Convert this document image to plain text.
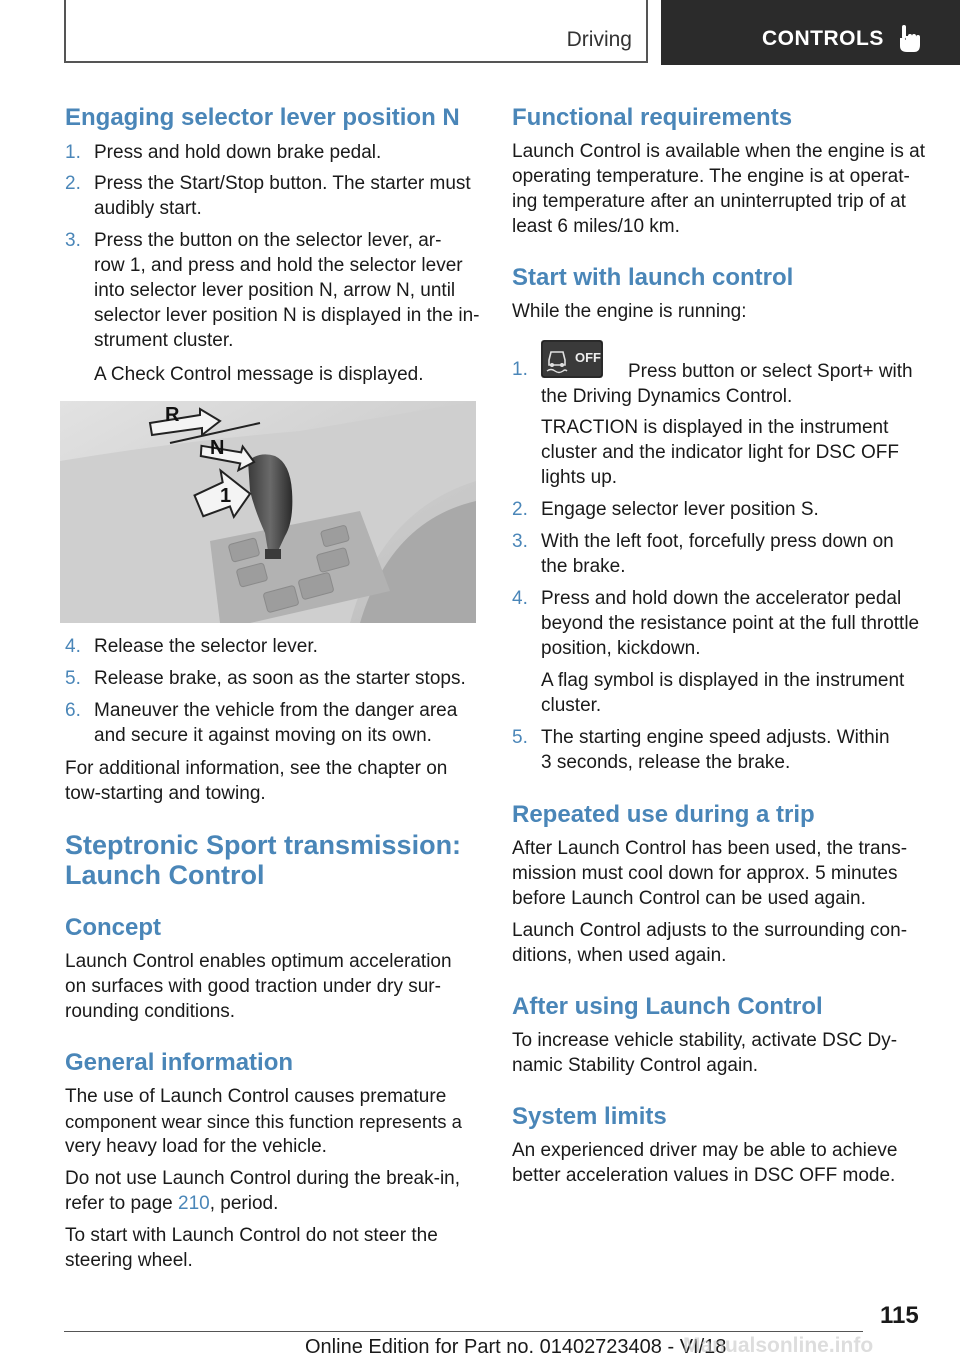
Driving	CONTROLS
Engaging selector lever position N
1. Press and hold down brake pedal.
2. Press the Start/Stop button. The starter must
audibly start.
3. Press the button on the selector lever, ar‐
row 1, and press and hold the selector lever
into selector lever position N, arrow N, until
selector lever position N is displayed in the in‐
strument cluster.

A Check Control message is displayed.

R
N
1
4. Release the selector lever.
5. Release brake, as soon as the starter stops.
6. Maneuver the vehicle from the danger area
and secure it against moving on its own.

For additional information, see the chapter on

tow-starting and towing.

Steptronic Sport transmission:
Launch Control
Concept

Launch Control enables optimum acceleration

on surfaces with good traction under dry sur‐

rounding conditions.

General information

The use of Launch Control causes premature

component wear since this function represents a

very heavy load for the vehicle.

Do not use Launch Control during the break-in,

refer to page 210, period.

To start with Launch Control do not steer the

steering wheel.

Functional requirements

Launch Control is available when the engine is at

operating temperature. The engine is at operat‐

ing temperature after an uninterrupted trip of at

least 6 miles/10 km.

Start with launch control

While the engine is running:

1.
OFF

Press button or select Sport+ with

the Driving Dynamics Control.

TRACTION is displayed in the instrument

cluster and the indicator light for DSC OFF

lights up.

2. Engage selector lever position S.
3. With the left foot, forcefully press down on
the brake.
4. Press and hold down the accelerator pedal
beyond the resistance point at the full throttle
position, kickdown.

A flag symbol is displayed in the instrument

cluster.

5. The starting engine speed adjusts. Within
3 seconds, release the brake.
Repeated use during a trip

After Launch Control has been used, the trans‐

mission must cool down for approx. 5 minutes

before Launch Control can be used again.

Launch Control adjusts to the surrounding con‐

ditions, when used again.

After using Launch Control

To increase vehicle stability, activate DSC Dy‐

namic Stability Control again.

System limits

An experienced driver may be able to achieve

better acceleration values in DSC OFF mode.

115
Online Edition for Part no. 01402723408 - VI/18
Manualsonline.info
